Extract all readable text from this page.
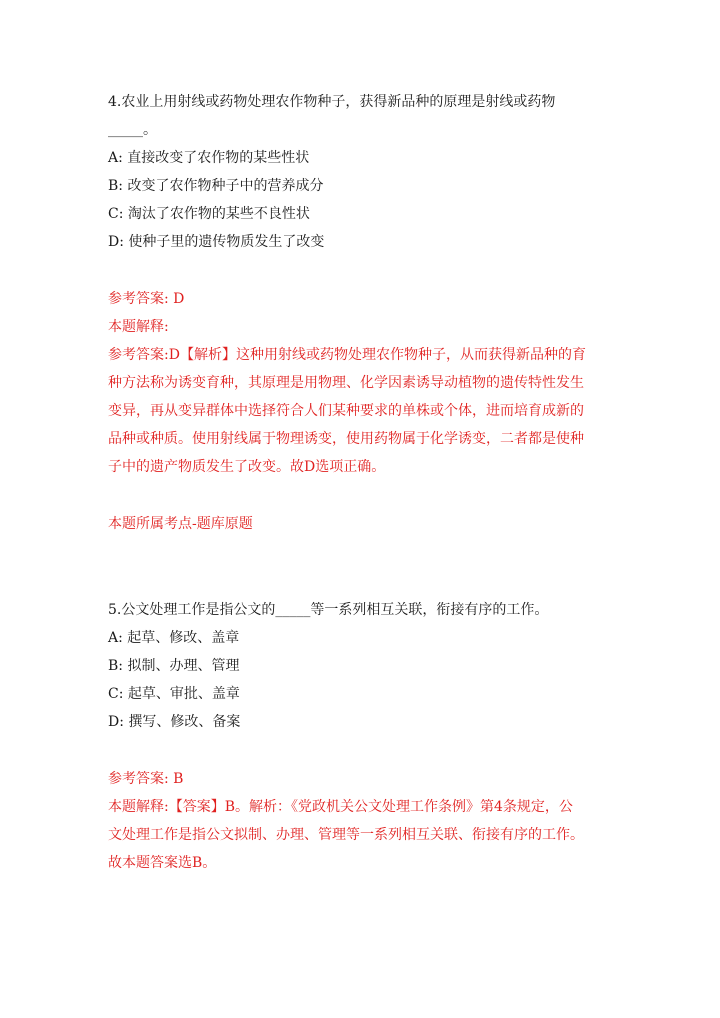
4.农业上用射线或药物处理农作物种子，获得新品种的原理是射线或药物
_____。
A: 直接改变了农作物的某些性状
B: 改变了农作物种子中的营养成分
C: 淘汰了农作物的某些不良性状
D: 使种子里的遗传物质发生了改变
参考答案: D
本题解释:
参考答案:D【解析】这种用射线或药物处理农作物种子，从而获得新品种的育
种方法称为诱变育种，其原理是用物理、化学因素诱导动植物的遗传特性发生
变异，再从变异群体中选择符合人们某种要求的单株或个体，进而培育成新的
品种或种质。使用射线属于物理诱变，使用药物属于化学诱变，二者都是使种
子中的遗产物质发生了改变。故D选项正确。
本题所属考点-题库原题
5.公文处理工作是指公文的_____等一系列相互关联，衔接有序的工作。
A: 起草、修改、盖章
B: 拟制、办理、管理
C: 起草、审批、盖章
D: 撰写、修改、备案
参考答案: B
本题解释:【答案】B。解析：《党政机关公文处理工作条例》第4条规定，公
文处理工作是指公文拟制、办理、管理等一系列相互关联、衔接有序的工作。
故本题答案选B。
